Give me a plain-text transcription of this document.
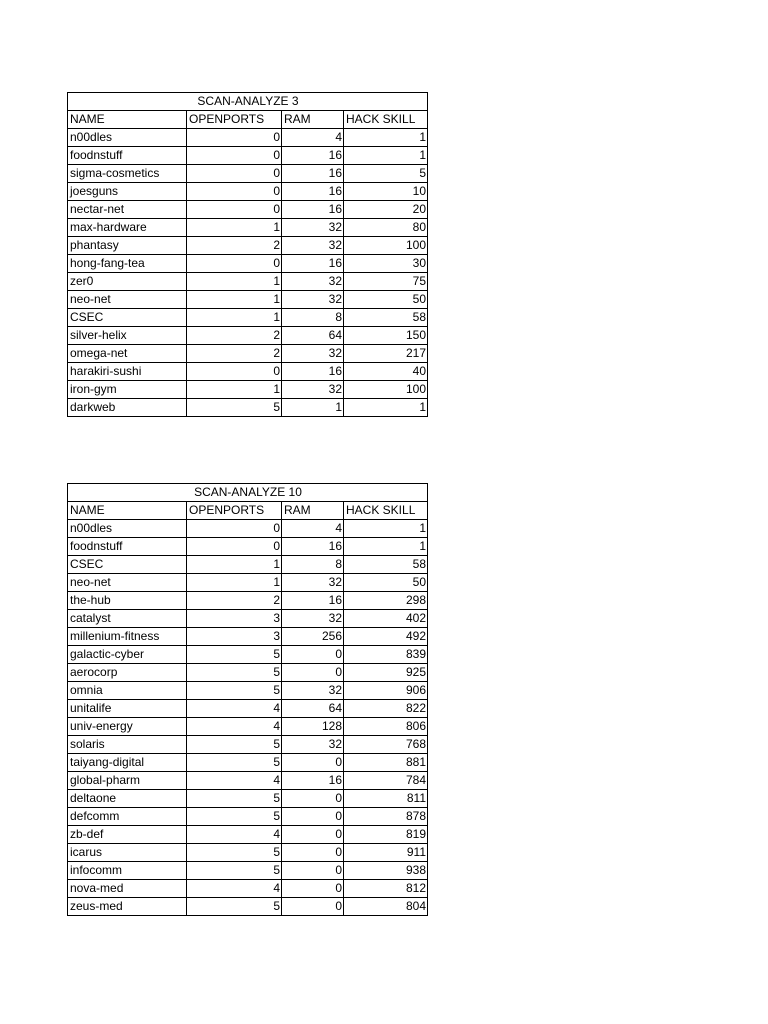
SCAN-ANALYZE 3			
NAME	OPENPORTS	RAM	HACK SKILL
n00dles	0	4	1
foodnstuff	0	16	1
sigma-cosmetics	0	16	5
joesguns	0	16	10
nectar-net	0	16	20
max-hardware	1	32	80
phantasy	2	32	100
hong-fang-tea	0	16	30
zer0	1	32	75
neo-net	1	32	50
CSEC	1	8	58
silver-helix	2	64	150
omega-net	2	32	217
harakiri-sushi	0	16	40
iron-gym	1	32	100
darkweb	5	1	1
SCAN-ANALYZE 10			
NAME	OPENPORTS	RAM	HACK SKILL
n00dles	0	4	1
foodnstuff	0	16	1
CSEC	1	8	58
neo-net	1	32	50
the-hub	2	16	298
catalyst	3	32	402
millenium-fitness	3	256	492
galactic-cyber	5	0	839
aerocorp	5	0	925
omnia	5	32	906
unitalife	4	64	822
univ-energy	4	128	806
solaris	5	32	768
taiyang-digital	5	0	881
global-pharm	4	16	784
deltaone	5	0	811
defcomm	5	0	878
zb-def	4	0	819
icarus	5	0	911
infocomm	5	0	938
nova-med	4	0	812
zeus-med	5	0	804
